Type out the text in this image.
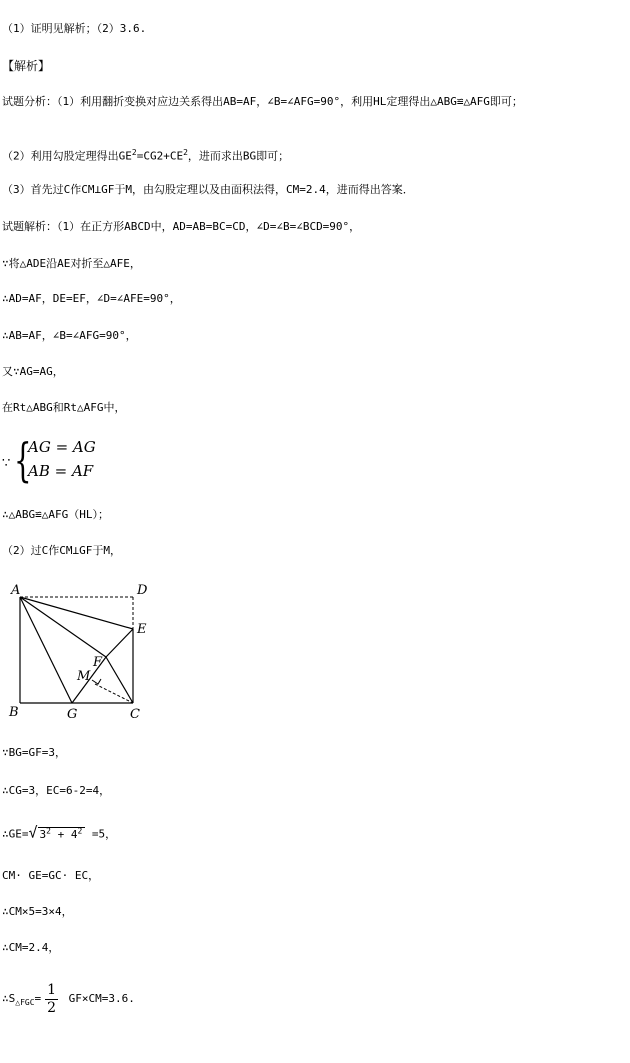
（1）证明见解析；（2）3.6.
【解析】
试题分析：（1）利用翻折变换对应边关系得出AB=AF，∠B=∠AFG=90°，利用HL定理得出△ABG≌△AFG即可；
（2）利用勾股定理得出$GE^2=CG2+CE^2$，进而求出BG即可；
（3）首先过C作CM⊥GF于M，由勾股定理以及由面积法得，CM=2.4，进而得出答案．
试题解析：（1）在正方形ABCD中，AD=AB=BC=CD，∠D=∠B=∠BCD=90°，
∵将△ADE沿AE对折至△AFE，
∴AD=AF，DE=EF，∠D=∠AFE=90°，
∴AB=AF，∠B=∠AFG=90°，
又∵AG=AG，
在Rt△ABG和Rt△AFG中，
∵ {
AG = AG
AB = AF
∴△ABG≌△AFG（HL）；
（2）过C作CM⊥GF于M，
A	D
E
F
M
B	G	C
∵BG=GF=3，
∴CG=3，EC=6-2=4，
∴GE=√ $3^2 + 4^2 =5$，
CM· GE=GC· EC，
∴CM×5=3×4，
∴CM=2.4，
$\therefore S_{\triangle FGC}= \frac{1}{2} GF\times CM=3.6$.
